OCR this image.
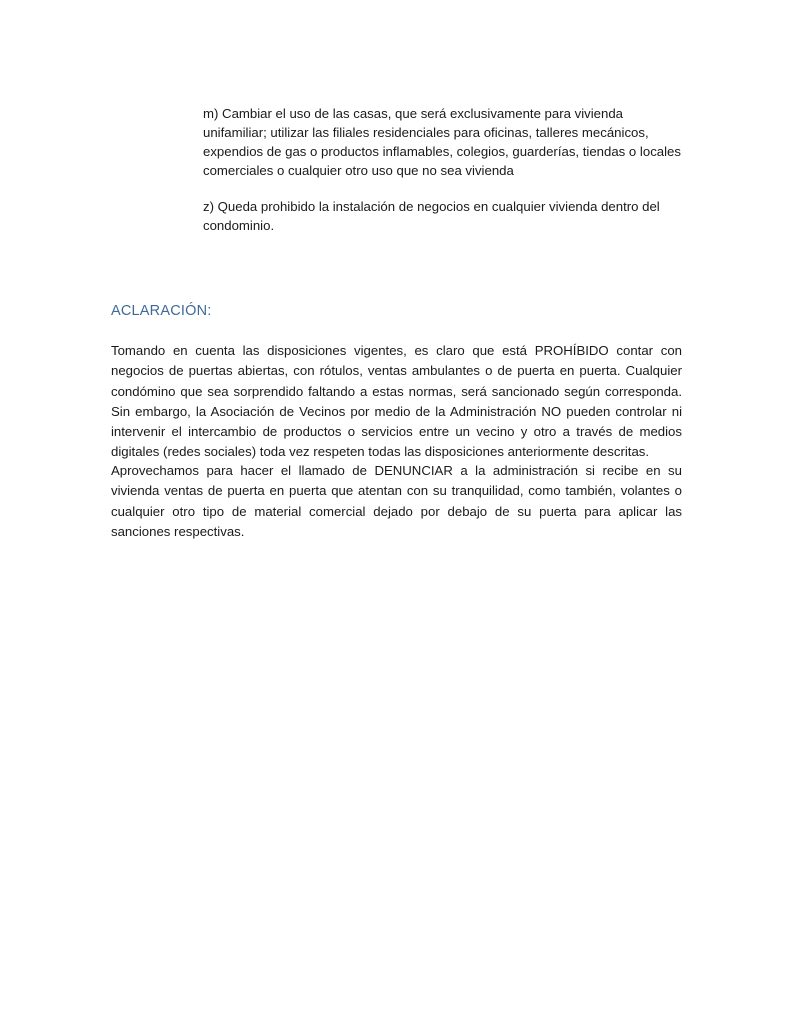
m) Cambiar el uso de las casas, que será exclusivamente para vivienda unifamiliar; utilizar las filiales residenciales para oficinas, talleres mecánicos, expendios de gas o productos inflamables, colegios, guarderías, tiendas o locales comerciales o cualquier otro uso que no sea vivienda

z) Queda prohibido la instalación de negocios en cualquier vivienda dentro del condominio.

ACLARACIÓN:

Tomando en cuenta las disposiciones vigentes, es claro que está PROHÍBIDO contar con negocios de puertas abiertas, con rótulos, ventas ambulantes o de puerta en puerta. Cualquier condómino que sea sorprendido faltando a estas normas, será sancionado según corresponda. Sin embargo, la Asociación de Vecinos por medio de la Administración NO pueden controlar ni intervenir el intercambio de productos o servicios entre un vecino y otro a través de medios digitales (redes sociales) toda vez respeten todas las disposiciones anteriormente descritas.

Aprovechamos para hacer el llamado de DENUNCIAR a la administración si recibe en su vivienda ventas de puerta en puerta que atentan con su tranquilidad, como también, volantes o cualquier otro tipo de material comercial dejado por debajo de su puerta para aplicar las sanciones respectivas.
